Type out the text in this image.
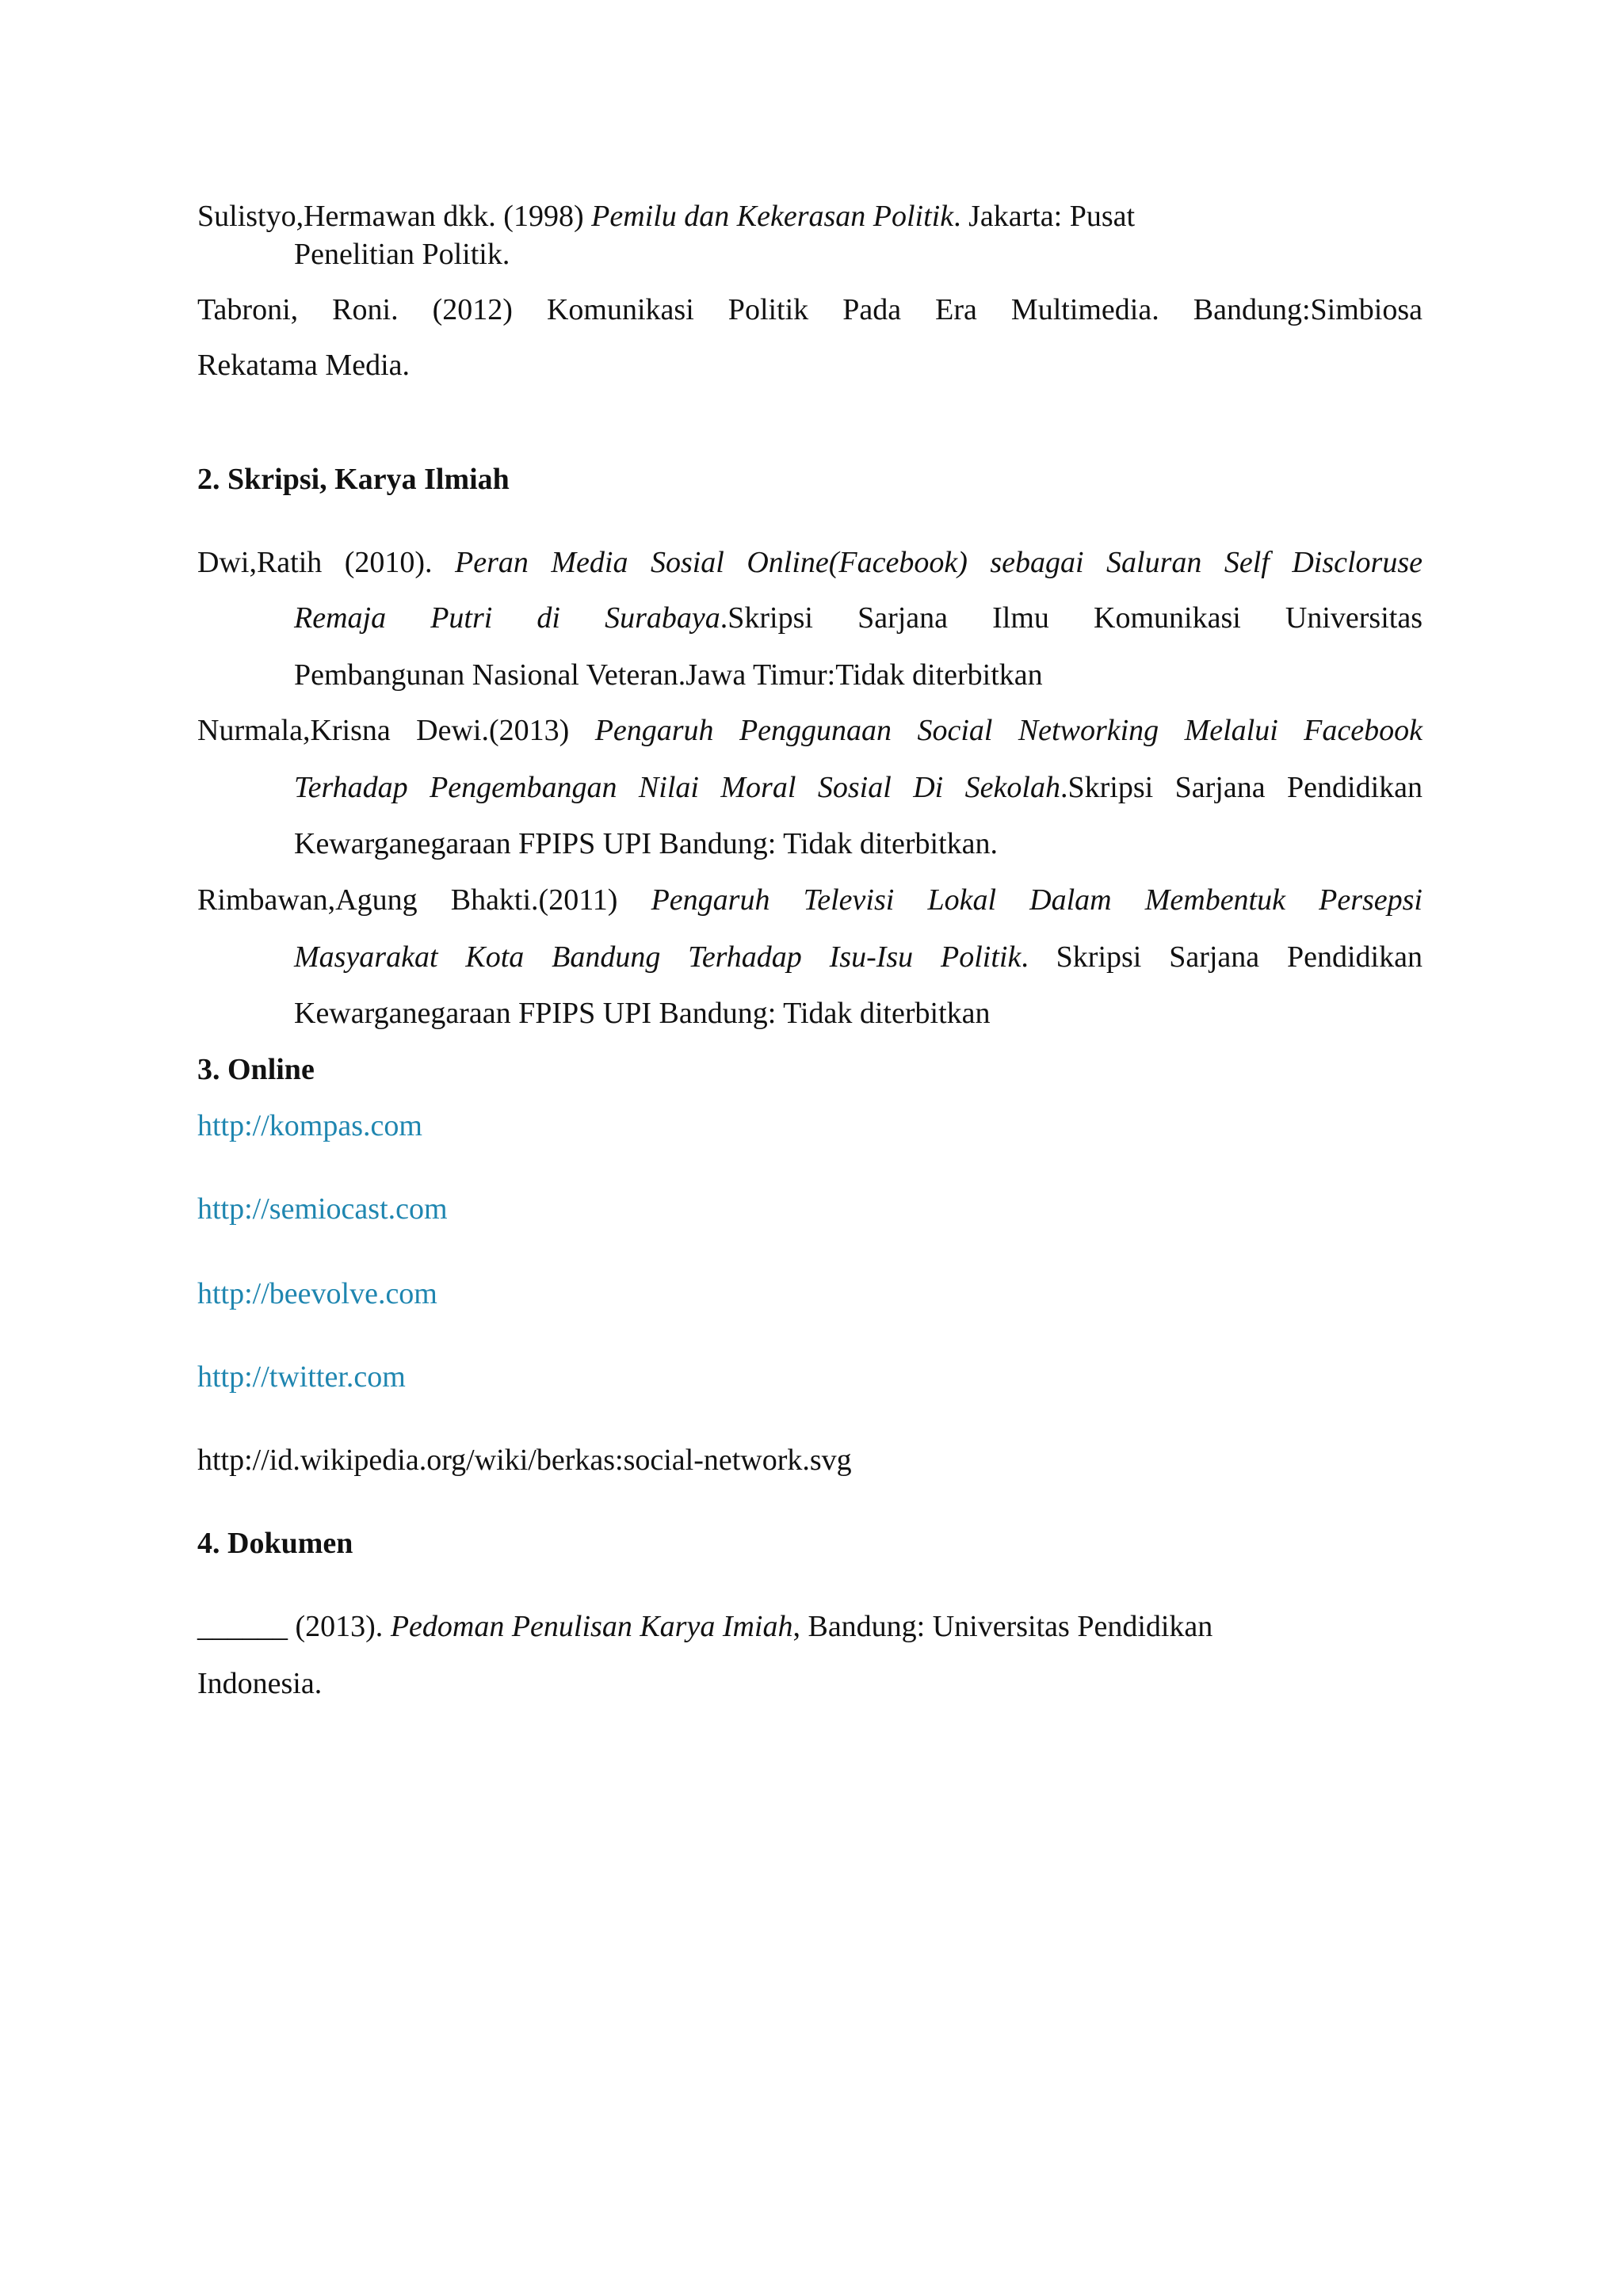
Sulistyo,Hermawan dkk. (1998) Pemilu dan Kekerasan Politik. Jakarta: Pusat
Penelitian Politik.
Tabroni, Roni. (2012) Komunikasi Politik Pada Era Multimedia. Bandung:Simbiosa
Rekatama Media.
2. Skripsi, Karya Ilmiah
Dwi,Ratih (2010). Peran Media Sosial Online(Facebook) sebagai Saluran Self Discloruse
Remaja Putri di Surabaya.Skripsi Sarjana Ilmu Komunikasi Universitas
Pembangunan Nasional Veteran.Jawa Timur:Tidak diterbitkan
Nurmala,Krisna Dewi.(2013) Pengaruh Penggunaan Social Networking Melalui Facebook
Terhadap Pengembangan Nilai Moral Sosial Di Sekolah.Skripsi Sarjana Pendidikan
Kewarganegaraan FPIPS UPI Bandung: Tidak diterbitkan.
Rimbawan,Agung Bhakti.(2011) Pengaruh Televisi Lokal Dalam Membentuk Persepsi
Masyarakat Kota Bandung Terhadap Isu-Isu Politik. Skripsi Sarjana Pendidikan
Kewarganegaraan FPIPS UPI Bandung: Tidak diterbitkan
3. Online
http://kompas.com
http://semiocast.com
http://beevolve.com
http://twitter.com
http://id.wikipedia.org/wiki/berkas:social-network.svg
4. Dokumen
______ (2013). Pedoman Penulisan Karya Imiah, Bandung: Universitas Pendidikan
Indonesia.
